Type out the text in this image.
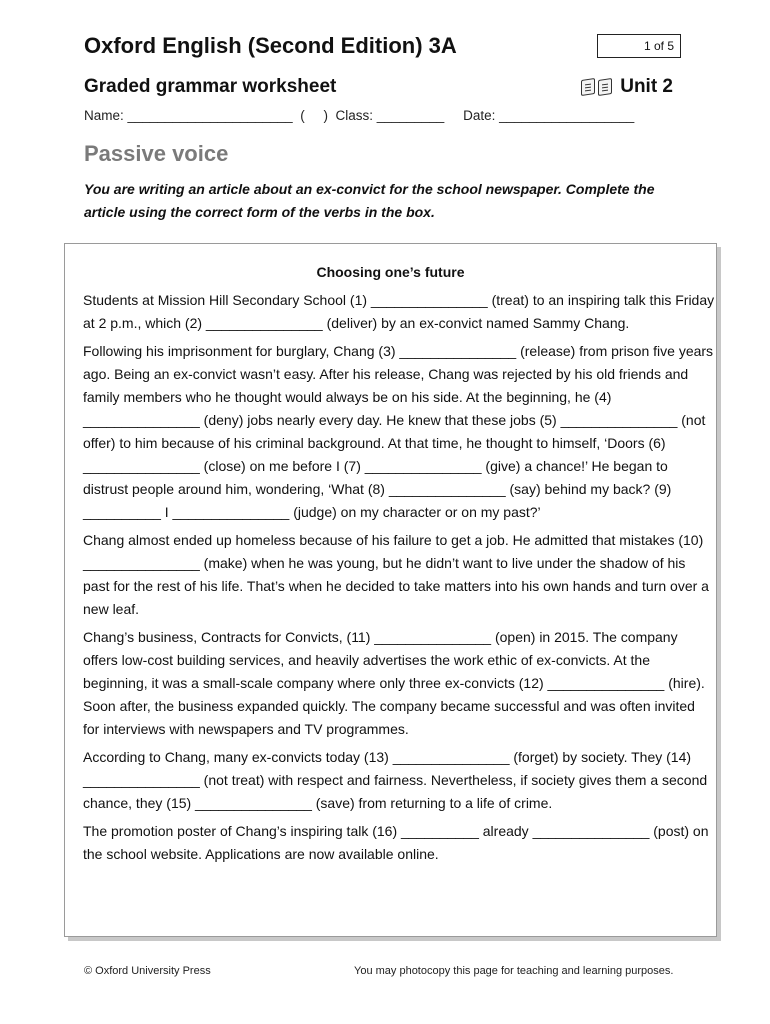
Oxford English (Second Edition) 3A	1 of 5
Graded grammar worksheet	Unit 2
Name: ______________________ (     ) Class: _________ Date: __________________
Passive voice
You are writing an article about an ex-convict for the school newspaper. Complete the article using the correct form of the verbs in the box.
Choosing one’s future

Students at Mission Hill Secondary School (1) _______________ (treat) to an inspiring talk this Friday at 2 p.m., which (2) _______________ (deliver) by an ex-convict named Sammy Chang.

Following his imprisonment for burglary, Chang (3) _______________ (release) from prison five years ago. Being an ex-convict wasn’t easy. After his release, Chang was rejected by his old friends and family members who he thought would always be on his side. At the beginning, he (4) _______________ (deny) jobs nearly every day. He knew that these jobs (5) _______________ (not offer) to him because of his criminal background. At that time, he thought to himself, ‘Doors (6) _______________ (close) on me before I (7) _______________ (give) a chance!’ He began to distrust people around him, wondering, ‘What (8) _______________ (say) behind my back? (9) __________ I _______________ (judge) on my character or on my past?’

Chang almost ended up homeless because of his failure to get a job. He admitted that mistakes (10) _______________ (make) when he was young, but he didn’t want to live under the shadow of his past for the rest of his life. That’s when he decided to take matters into his own hands and turn over a new leaf.

Chang’s business, Contracts for Convicts, (11) _______________ (open) in 2015. The company offers low-cost building services, and heavily advertises the work ethic of ex-convicts. At the beginning, it was a small-scale company where only three ex-convicts (12) _______________ (hire). Soon after, the business expanded quickly. The company became successful and was often invited for interviews with newspapers and TV programmes.

According to Chang, many ex-convicts today (13) _______________ (forget) by society. They (14) _______________ (not treat) with respect and fairness. Nevertheless, if society gives them a second chance, they (15) _______________ (save) from returning to a life of crime.

The promotion poster of Chang’s inspiring talk (16) __________ already _______________ (post) on the school website. Applications are now available online.

© Oxford University Press	You may photocopy this page for teaching and learning purposes.
